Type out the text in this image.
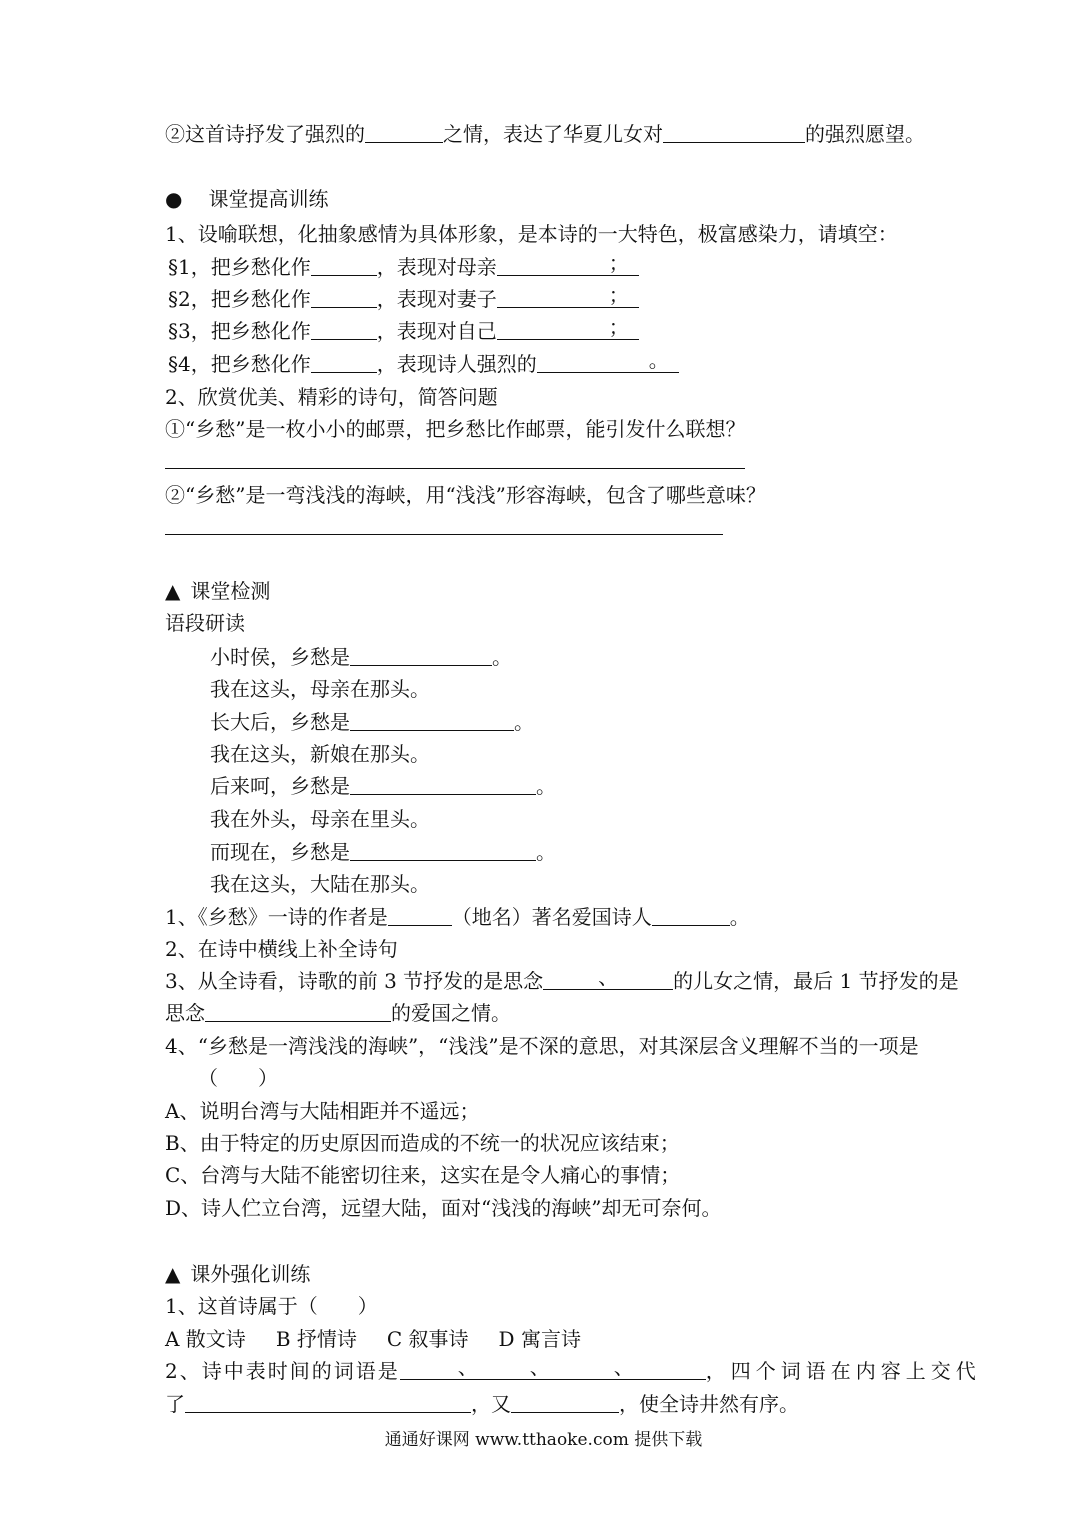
②这首诗抒发了强烈的	之情，表达了华夏儿女对	的强烈愿望。
● 课堂提高训练
1、设喻联想，化抽象感情为具体形象，是本诗的一大特色，极富感染力，请填空：
§1，把乡愁化作	，表现对母亲	；
§2，把乡愁化作	，表现对妻子	；
§3，把乡愁化作	，表现对自己	；
§4，把乡愁化作	，表现诗人强烈的	。
2、欣赏优美、精彩的诗句，简答问题
①“乡愁”是一枚小小的邮票，把乡愁比作邮票，能引发什么联想？
②“乡愁”是一弯浅浅的海峡，用“浅浅”形容海峡，包含了哪些意味？
▲ 课堂检测
语段研读
小时侯，乡愁是	。
我在这头，母亲在那头。
长大后，乡愁是	。
我在这头，新娘在那头。
后来呵，乡愁是	。
我在外头，母亲在里头。
而现在，乡愁是	。
我在这头，大陆在那头。
1、《乡愁》一诗的作者是	（地名）著名爱国诗人	。
2、在诗中横线上补全诗句
3、从全诗看，诗歌的前 3 节抒发的是思念	、	的儿女之情，最后 1 节抒发的是
思念	的爱国之情。
4、“乡愁是一湾浅浅的海峡”，“浅浅”是不深的意思，对其深层含义理解不当的一项是
（　　）
A、说明台湾与大陆相距并不遥远；
B、由于特定的历史原因而造成的不统一的状况应该结束；
C、台湾与大陆不能密切往来，这实在是令人痛心的事情；
D、诗人伫立台湾，远望大陆，面对“浅浅的海峡”却无可奈何。
▲ 课外强化训练
1、这首诗属于（　　）
A 散文诗 B 抒情诗 C 叙事诗 D 寓言诗
2、诗中表时间的词语是	、	、	、	，四个词语在内容上交代
了	，又	，使全诗井然有序。
通通好课网 www.tthaoke.com 提供下载
